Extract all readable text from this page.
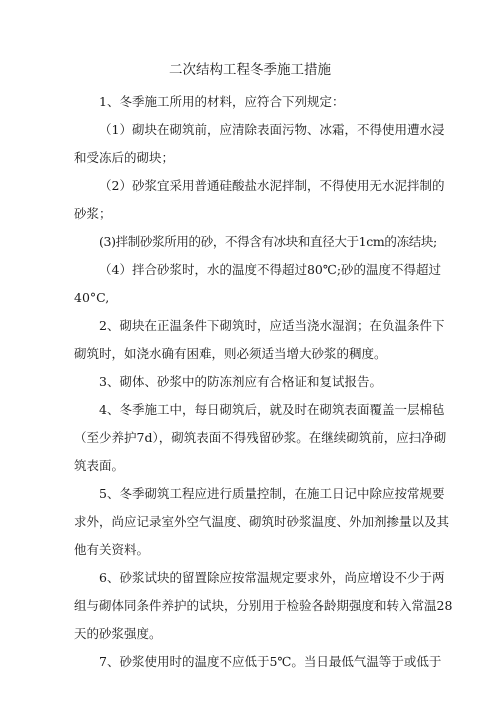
二次结构工程冬季施工措施
1、冬季施工所用的材料，应符合下列规定：
（1）砌块在砌筑前，应清除表面污物、冰霜，不得使用遭水浸
和受冻后的砌块；
（2）砂浆宜采用普通硅酸盐水泥拌制，不得使用无水泥拌制的
砂浆；
(3)拌制砂浆所用的砂，不得含有冰块和直径大于1cm的冻结块;
（4）拌合砂浆时，水的温度不得超过80℃;砂的温度不得超过
40°C,
2、砌块在正温条件下砌筑时，应适当浇水湿润；在负温条件下
砌筑时，如浇水确有困难，则必须适当增大砂浆的稠度。
3、砌体、砂浆中的防冻剂应有合格证和复试报告。
4、冬季施工中，每日砌筑后，就及时在砌筑表面覆盖一层棉毡
（至少养护7d），砌筑表面不得残留砂浆。在继续砌筑前，应扫净砌
筑表面。
5、冬季砌筑工程应进行质量控制，在施工日记中除应按常规要
求外，尚应记录室外空气温度、砌筑时砂浆温度、外加剂掺量以及其
他有关资料。
6、砂浆试块的留置除应按常温规定要求外，尚应增设不少于两
组与砌体同条件养护的试块，分别用于检验各龄期强度和转入常温28
天的砂浆强度。
7、砂浆使用时的温度不应低于5℃。当日最低气温等于或低于
